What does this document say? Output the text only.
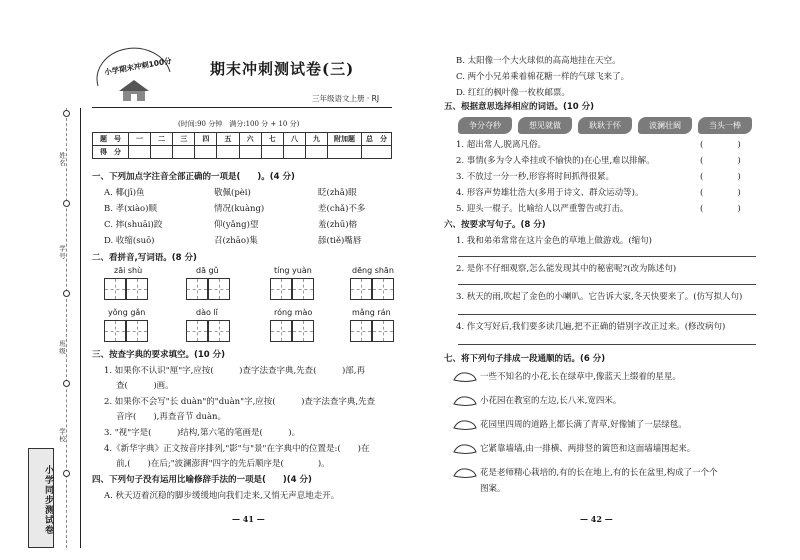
姓名
学号
班级
学校
小学同步测试卷
小学期末冲刺100分	期末冲刺测试卷(三)
三年级语文上册 · RJ
(时间:90 分钟　满分:100 分 + 10 分)
题　号	一	二	三	四	五	六	七	八	九	附加题	总　分
得　分											
一、下列加点字注音全部正确的一项是(　　)。(4 分)
A. 椰(jī)鱼	敬佩(pèi)	眨(zhǎ)眼
B. 孝(xiào)顺	情况(kuàng)	差(chǎ)不多
C. 摔(shuāi)跤	仰(yǎng)望	羞(zhū)榕
D. 收缩(suō)	召(zhāo)集	舔(tiě)嘴唇
二、看拼音,写词语。(8 分)
zāi shù	dā gǔ	tíng yuàn	dēng shān
yǒng gǎn	dào lǐ	róng mào	mǎng rán
三、按查字典的要求填空。(10 分)
1. 如果你不认识"厘"字,应按(　　　)查字法查字典,先查(　　　)部,再
查(　　　)画。
2. 如果你不会写"长 duàn"的"duàn"字,应按(　　　)查字法查字典,先查
音序(　　),再查音节 duàn。
3. "视"字是(　　　)结构,第六笔的笔画是(　　　)。
4.《新华字典》正文按音序排列,"影"与"景"在字典中的位置是:(　　)在
前,(　　)在后;"波澜澎湃"四字的先后顺序是(　　　　)。
四、下列句子没有运用比喻修辞手法的一项是(　　)(4 分)
A. 秋天迈着沉稳的脚步缓缓地向我们走来,又悄无声息地走开。
— 41 —
B. 太阳像一个大火球似的高高地挂在天空。
C. 两个小兄弟乘着棉花糖一样的气球飞来了。
D. 红红的枫叶像一枚枚邮票。
五、根据意思选择相应的词语。(10 分)
争分夺秒	想见就做	耿耿于怀	波澜壮阔	当头一棒
1. 超出常人,脱离凡俗。
2. 事情(多为令人牵挂或不愉快的)在心里,难以排解。
3. 不放过一分一秒,形容将时间抓得很紧。
4. 形容声势雄壮浩大(多用于诗文、群众运动等)。
5. 迎头一棍子。比喻给人以严重警告或打击。
(　　　　)
(　　　　)
(　　　　)
(　　　　)
(　　　　)
六、按要求写句子。(8 分)
1. 我和弟弟常常在这片金色的草地上做游戏。(缩句)
2. 是你不仔细观察,怎么能发现其中的秘密呢?(改为陈述句)
3. 秋天的雨,吹起了金色的小喇叭。它告诉大家,冬天快要来了。(仿写拟人句)
4. 作文写好后,我们要多读几遍,把不正确的错别字改正过来。(修改病句)
七、将下列句子排成一段通顺的话。(6 分)
一些不知名的小花,长在绿草中,像蓝天上缀着的星星。
小花园在教室的左边,长八米,宽四米。
花园里四周的道路上都长满了青草,好像铺了一层绿毯。
它紧靠墙墙,由一排横、两排竖的篱笆和这面墙墙围起来。
花是老师精心栽培的,有的长在地上,有的长在盆里,构成了一个个
图案。
— 42 —
